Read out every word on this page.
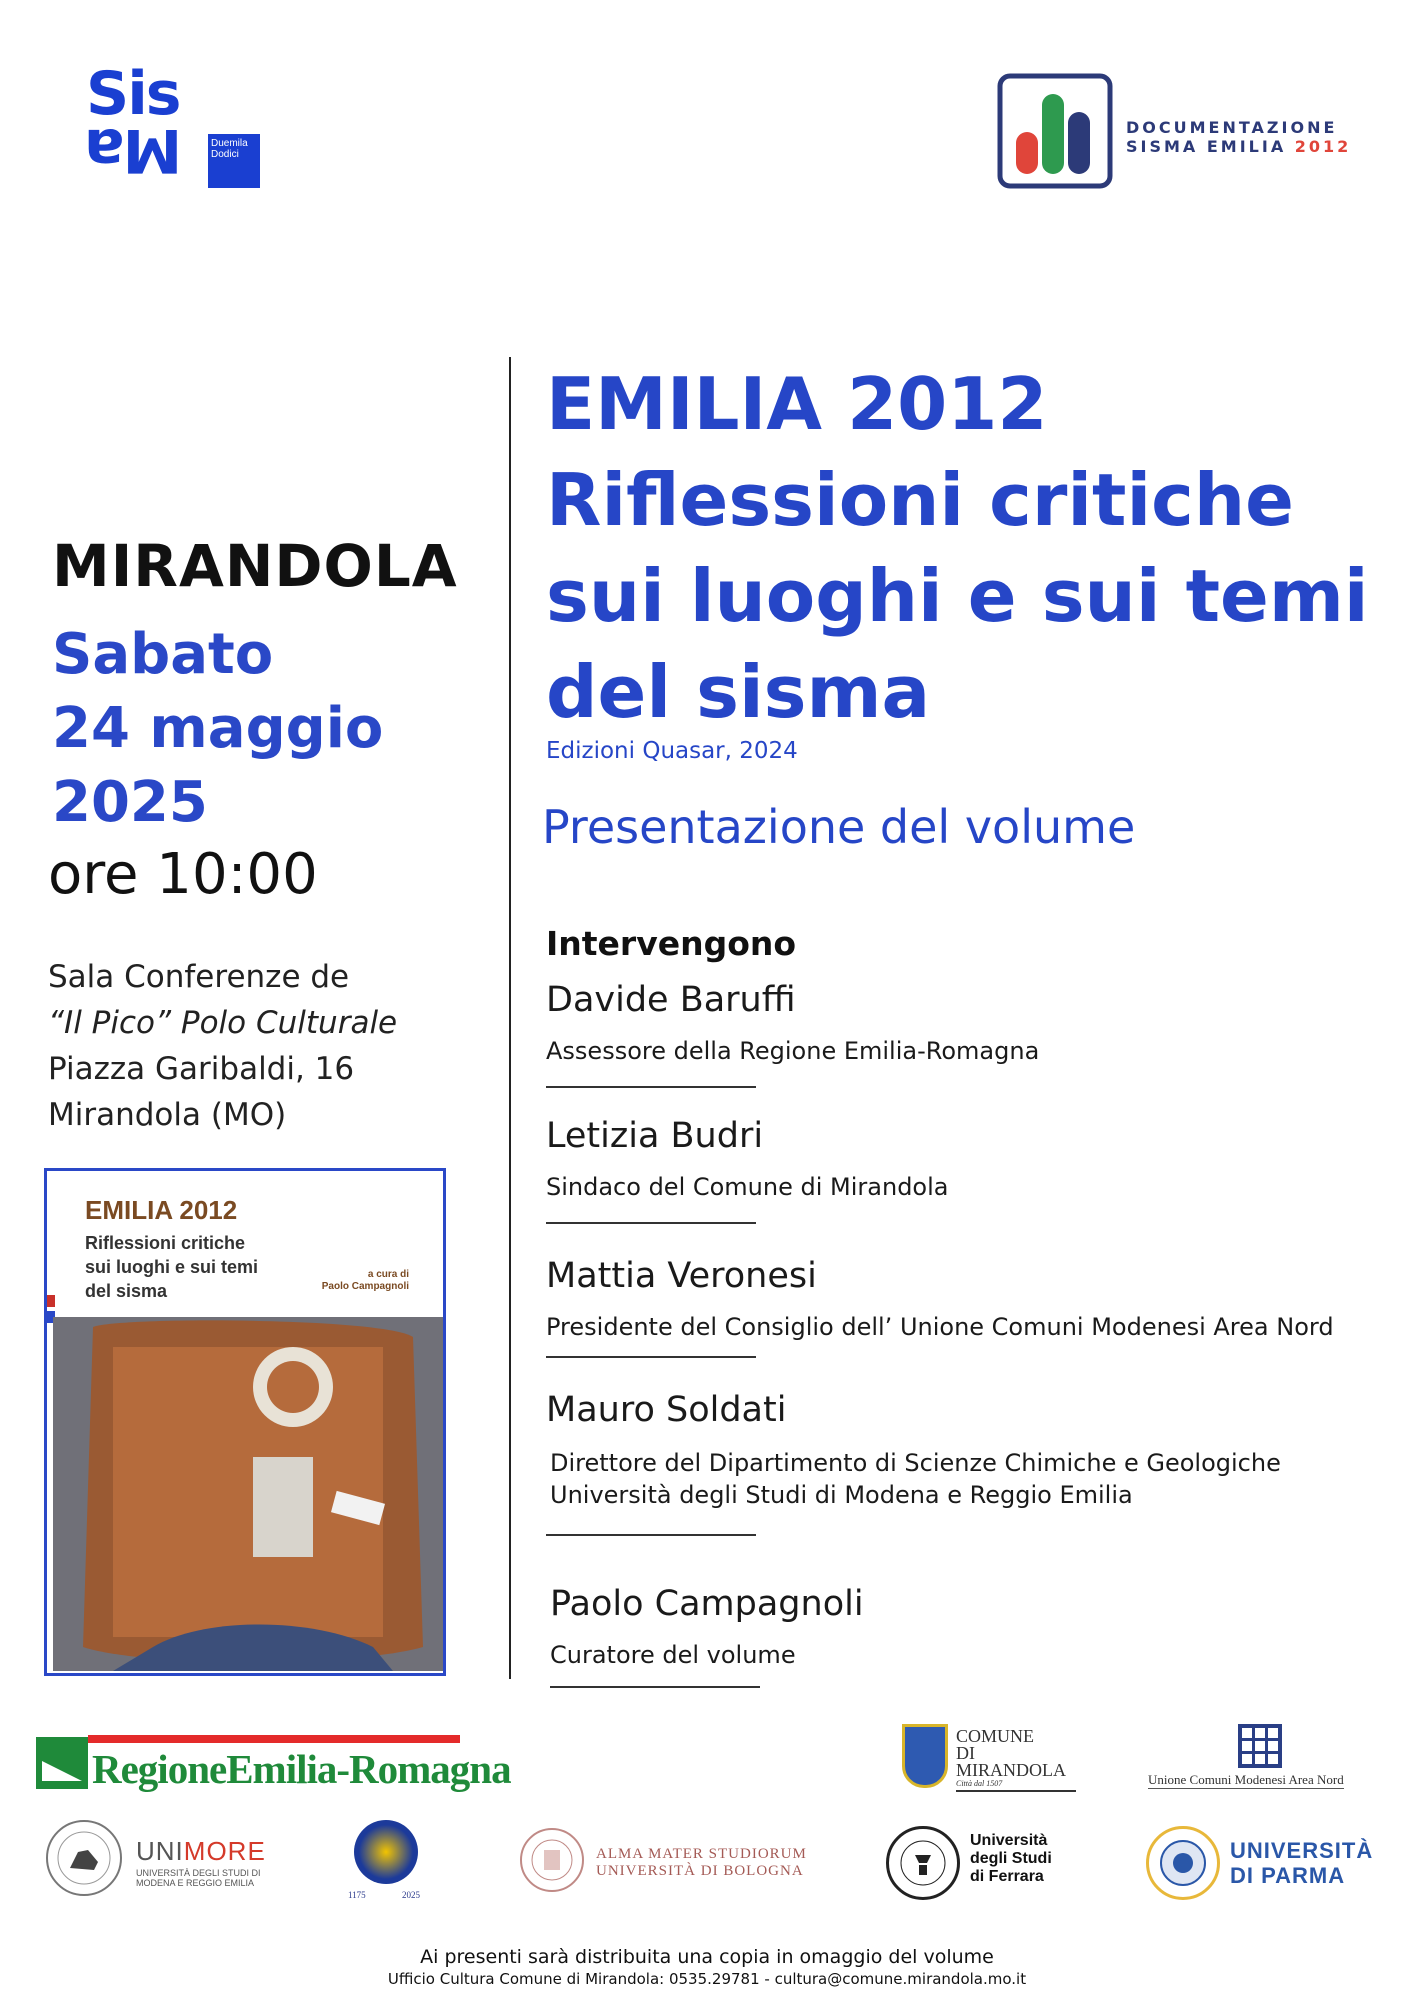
Sis
Ma	Duemila
Dodici
DOCUMENTAZIONE
SISMA EMILIA 2012
MIRANDOLA
Sabato
24 maggio
2025
ore 10:00
Sala Conferenze de
“Il Pico” Polo Culturale
Piazza Garibaldi, 16
Mirandola (MO)
EMILIA 2012
Riflessioni critiche
sui luoghi e sui temi
del sisma
a cura di
Paolo Campagnoli
EMILIA 2012
Riflessioni critiche
sui luoghi e sui temi
del sisma
Edizioni Quasar, 2024
Presentazione del volume
Intervengono
Davide Baruffi
Assessore della Regione Emilia-Romagna
Letizia Budri
Sindaco del Comune di Mirandola
Mattia Veronesi
Presidente del Consiglio dell’ Unione Comuni Modenesi Area Nord
Mauro Soldati
Direttore del Dipartimento di Scienze Chimiche e Geologiche
Università degli Studi di Modena e Reggio Emilia
Paolo Campagnoli
Curatore del volume
RegioneEmilia-Romagna
COMUNE
DI
MIRANDOLA
Città dal 1507	Unione Comuni Modenesi Area Nord
UNIMORE
UNIVERSITÀ DEGLI STUDI DI
MODENA E REGGIO EMILIA
1175	2025
ALMA MATER STUDIORUM
UNIVERSITÀ DI BOLOGNA
Università
degli Studi
di Ferrara
UNIVERSITÀ
DI PARMA
Ai presenti sarà distribuita una copia in omaggio del volume
Ufficio Cultura Comune di Mirandola: 0535.29781 - cultura@comune.mirandola.mo.it
